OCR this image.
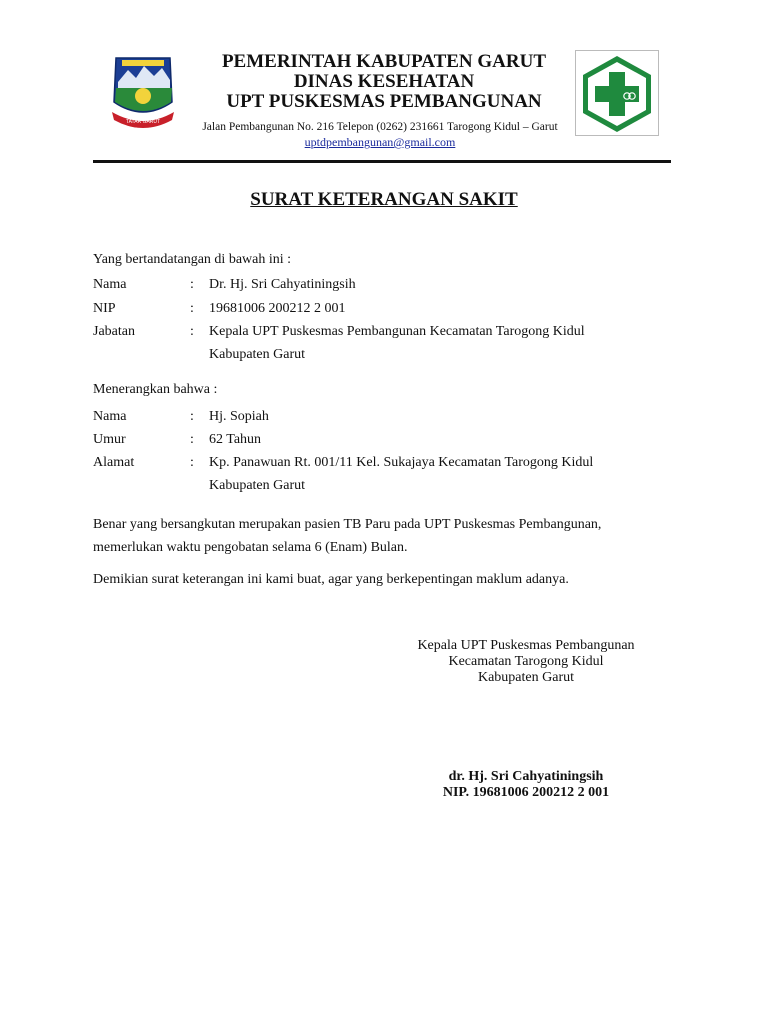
TATAR GARUT
PEMERINTAH KABUPATEN GARUT
DINAS KESEHATAN
UPT PUSKESMAS PEMBANGUNAN
Jalan Pembangunan No. 216 Telepon (0262) 231661 Tarogong Kidul – Garut
uptdpembangunan@gmail.com
SURAT KETERANGAN SAKIT
Yang bertandatangan di bawah ini :
Nama	: Dr. Hj. Sri Cahyatiningsih
NIP	: 19681006 200212 2 001
Jabatan	: Kepala UPT Puskesmas Pembangunan Kecamatan Tarogong Kidul
Kabupaten Garut
Menerangkan bahwa :
Nama	: Hj. Sopiah
Umur	: 62 Tahun
Alamat	: Kp. Panawuan Rt. 001/11 Kel. Sukajaya Kecamatan Tarogong Kidul
Kabupaten Garut
Benar yang bersangkutan merupakan pasien TB Paru pada UPT Puskesmas Pembangunan,
memerlukan waktu pengobatan selama 6 (Enam) Bulan.
Demikian surat keterangan ini kami buat, agar yang berkepentingan maklum adanya.
Kepala UPT Puskesmas Pembangunan
Kecamatan Tarogong Kidul
Kabupaten Garut
dr. Hj. Sri Cahyatiningsih
NIP. 19681006 200212 2 001
